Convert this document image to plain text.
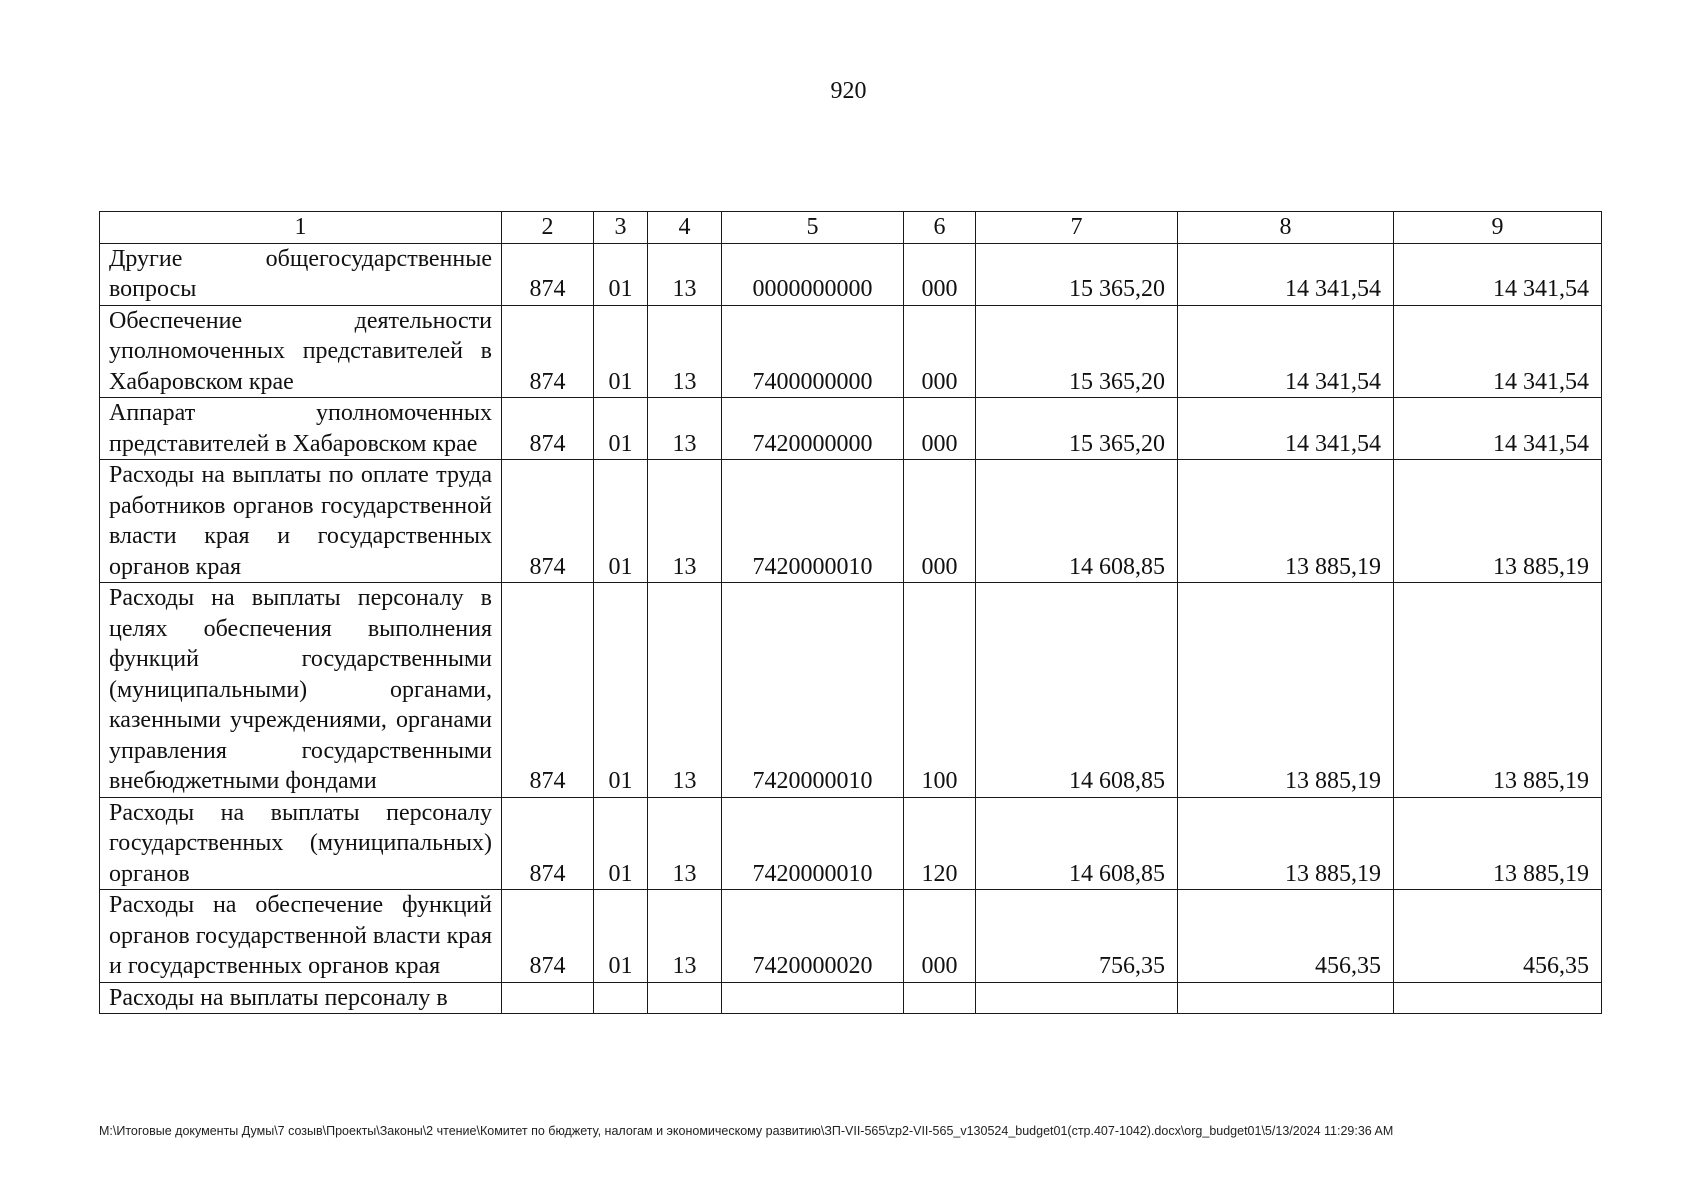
920
1	2	3	4	5	6	7	8	9
Другие общегосударственные вопросы	874	01	13	0000000000	000	15 365,20	14 341,54	14 341,54
Обеспечение деятельности уполномоченных представителей в Хабаровском крае	874	01	13	7400000000	000	15 365,20	14 341,54	14 341,54
Аппарат уполномоченных представителей в Хабаровском крае	874	01	13	7420000000	000	15 365,20	14 341,54	14 341,54
Расходы на выплаты по оплате труда работников органов государственной власти края и государственных органов края	874	01	13	7420000010	000	14 608,85	13 885,19	13 885,19
Расходы на выплаты персоналу в целях обеспечения выполнения функций государственными (муниципальными) органами, казенными учреждениями, органами управления государственными внебюджетными фондами	874	01	13	7420000010	100	14 608,85	13 885,19	13 885,19
Расходы на выплаты персоналу государственных (муниципальных) органов	874	01	13	7420000010	120	14 608,85	13 885,19	13 885,19
Расходы на обеспечение функций органов государственной власти края и государственных органов края	874	01	13	7420000020	000	756,35	456,35	456,35
Расходы на выплаты персоналу в								
M:\Итоговые документы Думы\7 созыв\Проекты\Законы\2 чтение\Комитет по бюджету, налогам и экономическому развитию\ЗП-VII-565\zp2-VII-565_v130524_budget01(стр.407-1042).docx\org_budget01\5/13/2024 11:29:36 AM
